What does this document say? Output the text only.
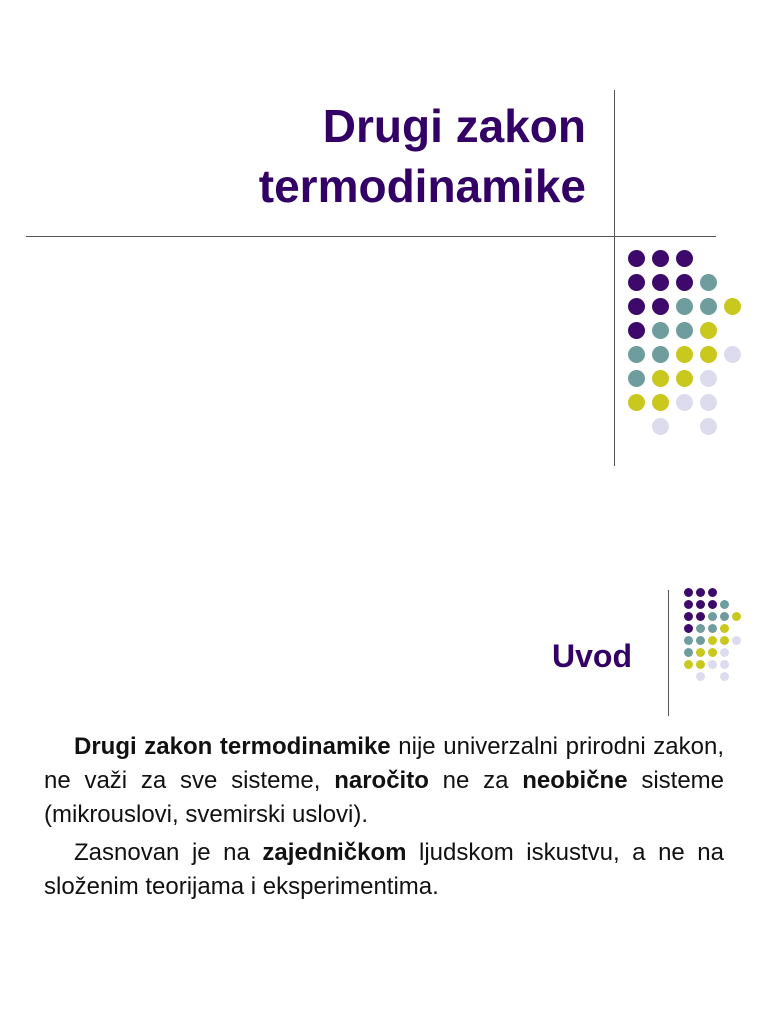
Drugi zakon
termodinamike
Uvod

Drugi zakon termodinamike nije univerzalni prirodni zakon, ne važi za sve sisteme, naročito ne za neobične sisteme (mikrouslovi, svemirski uslovi).

Zasnovan je na zajedničkom ljudskom iskustvu, a ne na složenim teorijama i eksperimentima.
